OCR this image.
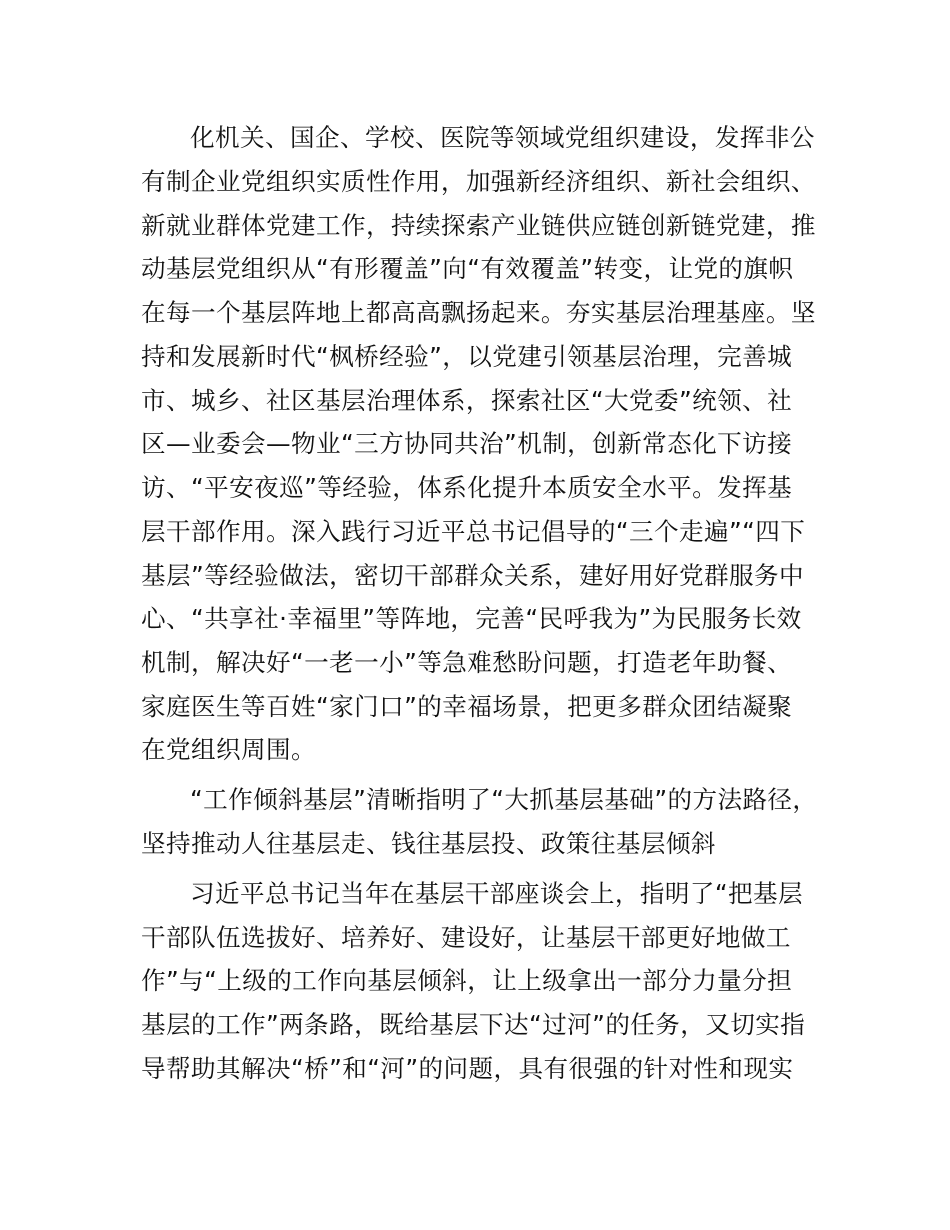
化机关、国企、学校、医院等领域党组织建设，发挥非公
有制企业党组织实质性作用，加强新经济组织、新社会组织、
新就业群体党建工作，持续探索产业链供应链创新链党建，推
动基层党组织从“有形覆盖”向“有效覆盖”转变，让党的旗帜
在每一个基层阵地上都高高飘扬起来。夯实基层治理基座。坚
持和发展新时代“枫桥经验”，以党建引领基层治理，完善城
市、城乡、社区基层治理体系，探索社区“大党委”统领、社
区—业委会—物业“三方协同共治”机制，创新常态化下访接
访、“平安夜巡”等经验，体系化提升本质安全水平。发挥基
层干部作用。深入践行习近平总书记倡导的“三个走遍”“四下
基层”等经验做法，密切干部群众关系，建好用好党群服务中
心、“共享社·幸福里”等阵地，完善“民呼我为”为民服务长效
机制，解决好“一老一小”等急难愁盼问题，打造老年助餐、
家庭医生等百姓“家门口”的幸福场景，把更多群众团结凝聚
在党组织周围。
“工作倾斜基层”清晰指明了“大抓基层基础”的方法路径，
坚持推动人往基层走、钱往基层投、政策往基层倾斜
习近平总书记当年在基层干部座谈会上，指明了“把基层
干部队伍选拔好、培养好、建设好，让基层干部更好地做工
作”与“上级的工作向基层倾斜，让上级拿出一部分力量分担
基层的工作”两条路，既给基层下达“过河”的任务，又切实指
导帮助其解决“桥”和“河”的问题，具有很强的针对性和现实
